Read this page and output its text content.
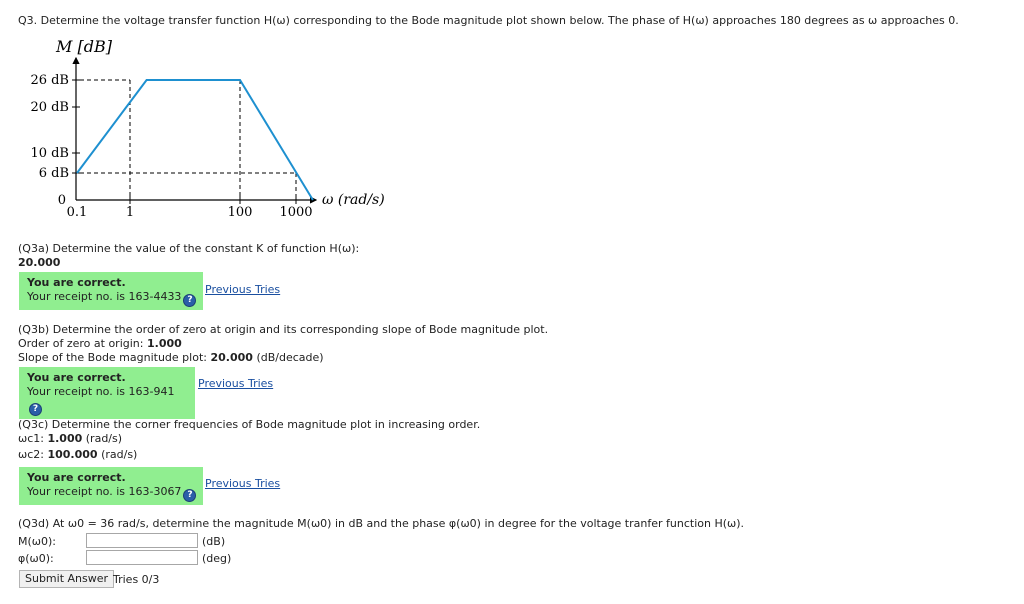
Q3. Determine the voltage transfer function H(ω) corresponding to the Bode magnitude plot shown below. The phase of H(ω) approaches 180 degrees as ω approaches 0.
M [dB]
26 dB
20 dB
10 dB
6 dB
0
0.1	1	100 1000
ω (rad/s)
(Q3a) Determine the value of the constant K of function H(ω):
20.000
You are correct.
Your receipt no. is 163-4433 ?
Previous Tries
(Q3b) Determine the order of zero at origin and its corresponding slope of Bode magnitude plot.
Order of zero at origin: 1.000
Slope of the Bode magnitude plot: 20.000 (dB/decade)
You are correct.
Your receipt no. is 163-941?
Previous Tries
(Q3c) Determine the corner frequencies of Bode magnitude plot in increasing order.
ωc1: 1.000 (rad/s)
ωc2: 100.000 (rad/s)
You are correct.
Your receipt no. is 163-3067 ?
Previous Tries
(Q3d) At ω0 = 36 rad/s, determine the magnitude M(ω0) in dB and the phase φ(ω0) in degree for the voltage tranfer function H(ω).
M(ω0):	(dB)
φ(ω0):	(deg)
Submit Answer Tries 0/3
